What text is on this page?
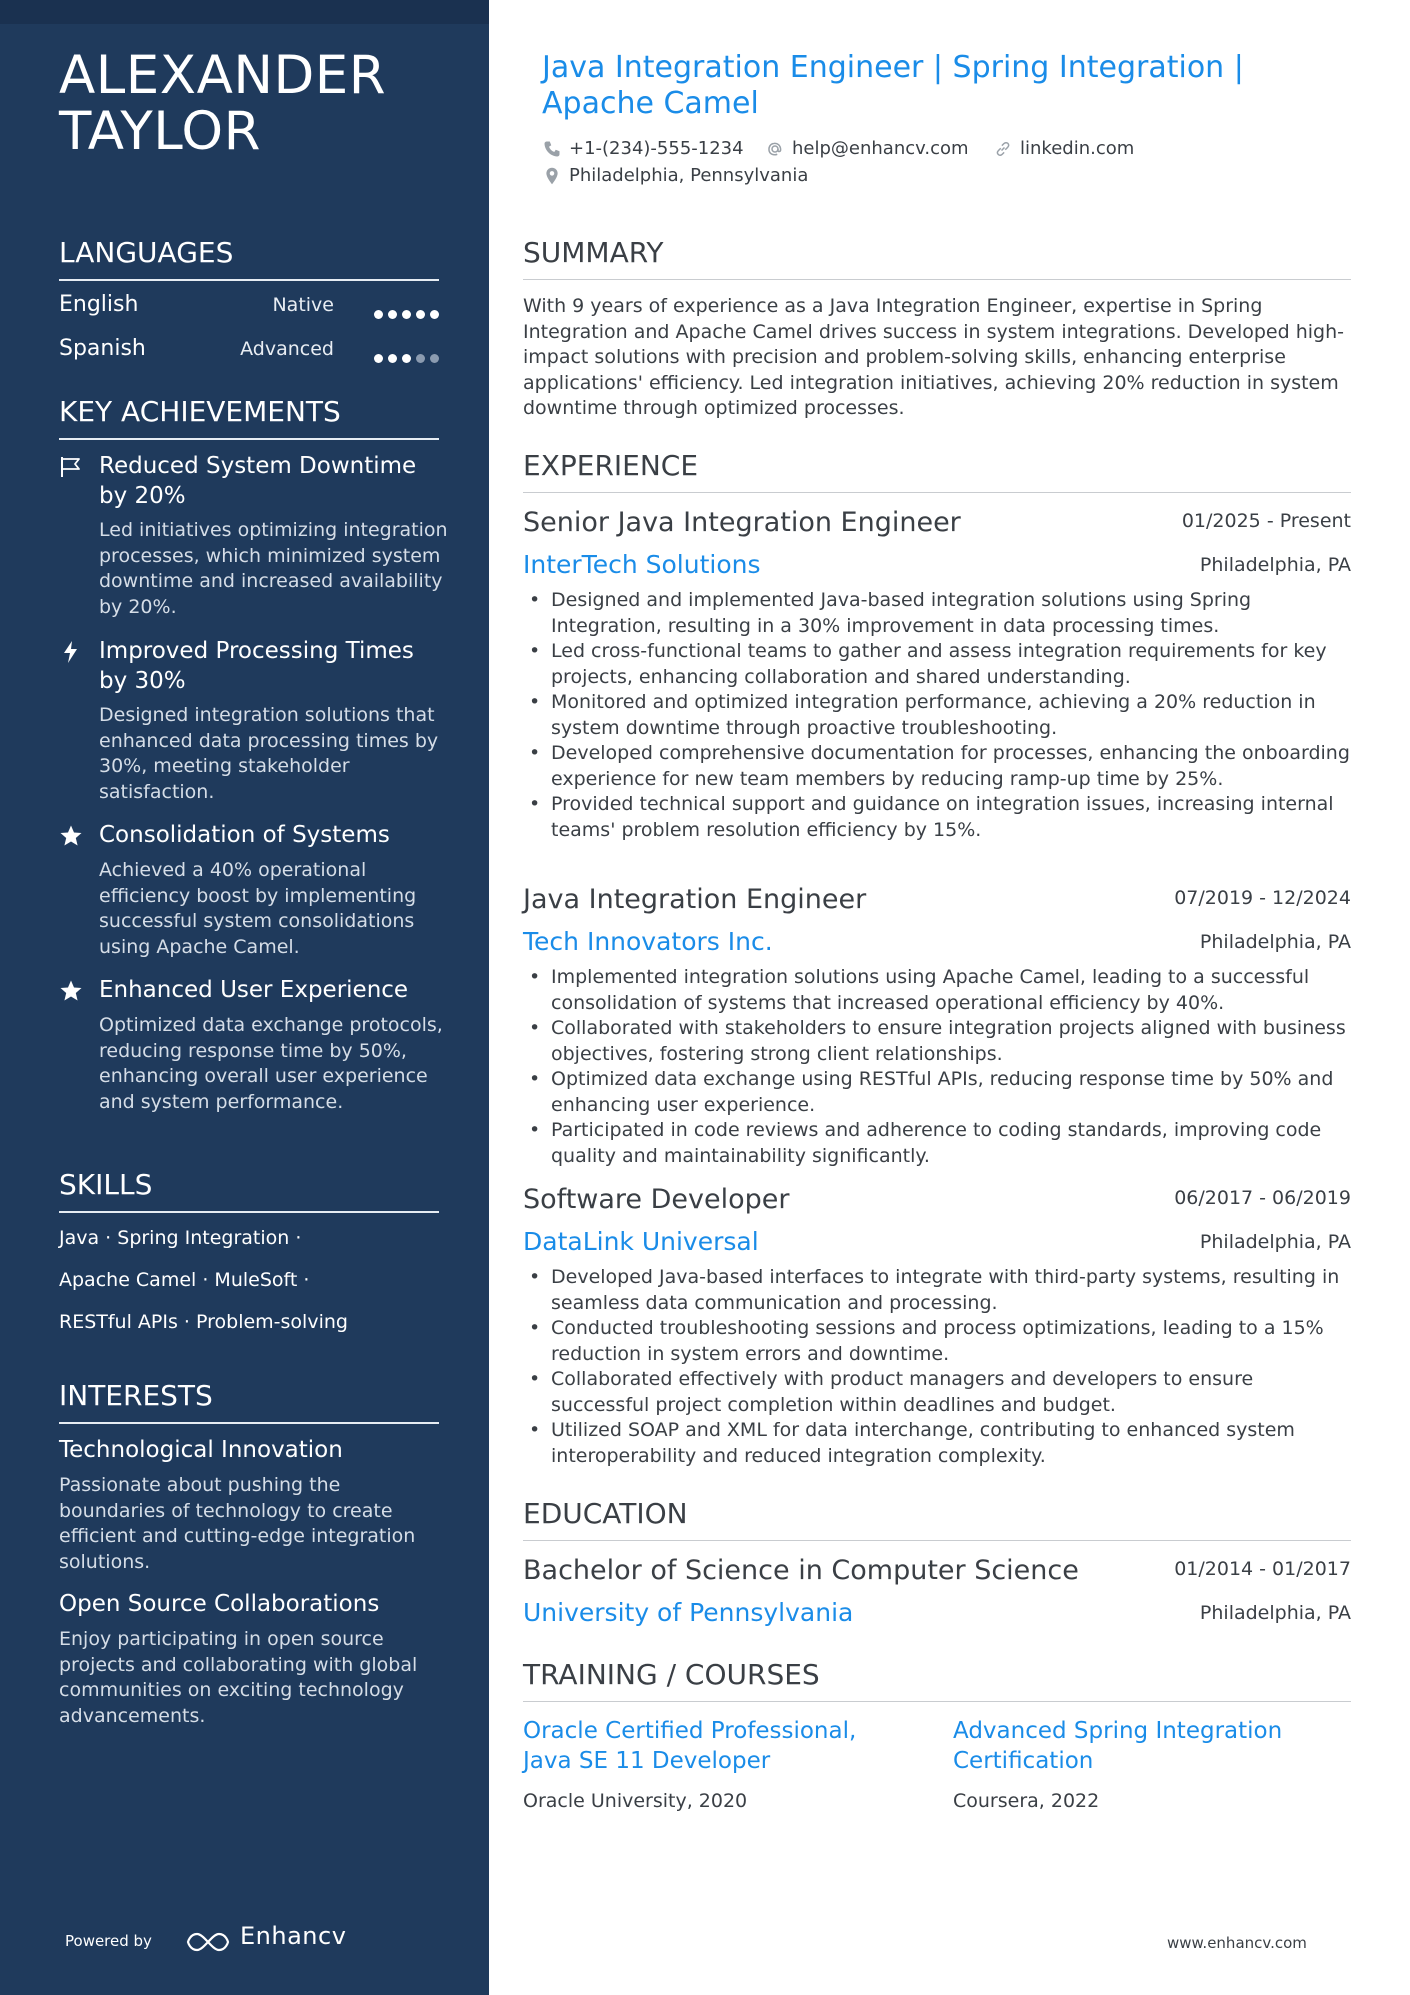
ALEXANDER
TAYLOR
LANGUAGES
English	Native
Spanish	Advanced
KEY ACHIEVEMENTS
Reduced System Downtime by 20%
Led initiatives optimizing integration processes, which minimized system downtime and increased availability by 20%.
Improved Processing Times by 30%
Designed integration solutions that enhanced data processing times by 30%, meeting stakeholder satisfaction.
Consolidation of Systems
Achieved a 40% operational efficiency boost by implementing successful system consolidations using Apache Camel.
Enhanced User Experience
Optimized data exchange protocols, reducing response time by 50%, enhancing overall user experience and system performance.
SKILLS
Java · Spring Integration ·
Apache Camel · MuleSoft ·
RESTful APIs · Problem-solving
INTERESTS
Technological Innovation
Passionate about pushing the boundaries of technology to create efficient and cutting-edge integration solutions.
Open Source Collaborations
Enjoy participating in open source projects and collaborating with global communities on exciting technology advancements.
Powered by	Enhancv
Java Integration Engineer | Spring Integration | Apache Camel
+1-(234)-555-1234	help@enhancv.com	linkedin.com
Philadelphia, Pennsylvania
SUMMARY
With 9 years of experience as a Java Integration Engineer, expertise in Spring Integration and Apache Camel drives success in system integrations. Developed high-impact solutions with precision and problem-solving skills, enhancing enterprise applications' efficiency. Led integration initiatives, achieving 20% reduction in system downtime through optimized processes.
EXPERIENCE
Senior Java Integration Engineer	01/2025 - Present
InterTech Solutions	Philadelphia, PA
• Designed and implemented Java-based integration solutions using Spring Integration, resulting in a 30% improvement in data processing times.
• Led cross-functional teams to gather and assess integration requirements for key projects, enhancing collaboration and shared understanding.
• Monitored and optimized integration performance, achieving a 20% reduction in system downtime through proactive troubleshooting.
• Developed comprehensive documentation for processes, enhancing the onboarding experience for new team members by reducing ramp-up time by 25%.
• Provided technical support and guidance on integration issues, increasing internal teams' problem resolution efficiency by 15%.
Java Integration Engineer	07/2019 - 12/2024
Tech Innovators Inc.	Philadelphia, PA
• Implemented integration solutions using Apache Camel, leading to a successful consolidation of systems that increased operational efficiency by 40%.
• Collaborated with stakeholders to ensure integration projects aligned with business objectives, fostering strong client relationships.
• Optimized data exchange using RESTful APIs, reducing response time by 50% and enhancing user experience.
• Participated in code reviews and adherence to coding standards, improving code quality and maintainability significantly.
Software Developer	06/2017 - 06/2019
DataLink Universal	Philadelphia, PA
• Developed Java-based interfaces to integrate with third-party systems, resulting in seamless data communication and processing.
• Conducted troubleshooting sessions and process optimizations, leading to a 15% reduction in system errors and downtime.
• Collaborated effectively with product managers and developers to ensure successful project completion within deadlines and budget.
• Utilized SOAP and XML for data interchange, contributing to enhanced system interoperability and reduced integration complexity.
EDUCATION
Bachelor of Science in Computer Science	01/2014 - 01/2017
University of Pennsylvania	Philadelphia, PA
TRAINING / COURSES
Oracle Certified Professional, Java SE 11 Developer
Oracle University, 2020
Advanced Spring Integration Certification
Coursera, 2022
www.enhancv.com
